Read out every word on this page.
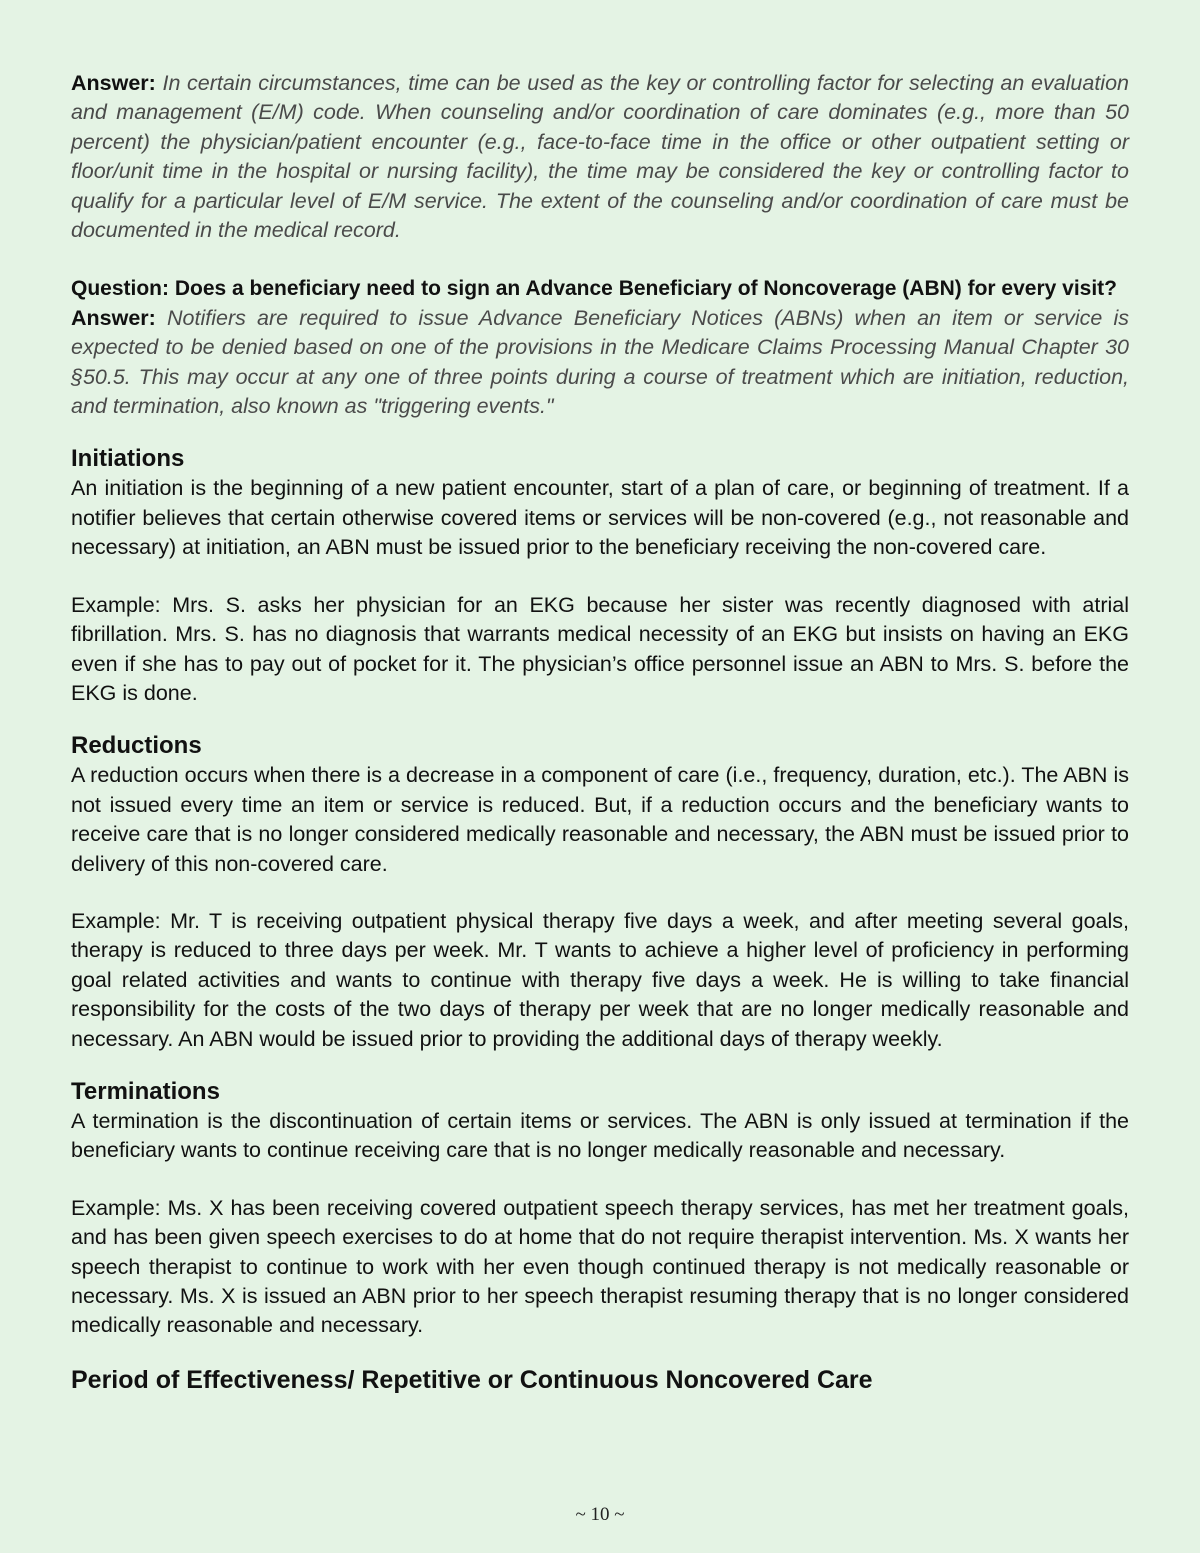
Answer: In certain circumstances, time can be used as the key or controlling factor for selecting an evaluation and management (E/M) code. When counseling and/or coordination of care dominates (e.g., more than 50 percent) the physician/patient encounter (e.g., face-to-face time in the office or other outpatient setting or floor/unit time in the hospital or nursing facility), the time may be considered the key or controlling factor to qualify for a particular level of E/M service. The extent of the counseling and/or coordination of care must be documented in the medical record.

Question: Does a beneficiary need to sign an Advance Beneficiary of Noncoverage (ABN) for every visit?

Answer: Notifiers are required to issue Advance Beneficiary Notices (ABNs) when an item or service is expected to be denied based on one of the provisions in the Medicare Claims Processing Manual Chapter 30 §50.5. This may occur at any one of three points during a course of treatment which are initiation, reduction, and termination, also known as "triggering events."

Initiations

An initiation is the beginning of a new patient encounter, start of a plan of care, or beginning of treatment. If a notifier believes that certain otherwise covered items or services will be non-covered (e.g., not reasonable and necessary) at initiation, an ABN must be issued prior to the beneficiary receiving the non-covered care.

Example: Mrs. S. asks her physician for an EKG because her sister was recently diagnosed with atrial fibrillation. Mrs. S. has no diagnosis that warrants medical necessity of an EKG but insists on having an EKG even if she has to pay out of pocket for it. The physician’s office personnel issue an ABN to Mrs. S. before the EKG is done.

Reductions

A reduction occurs when there is a decrease in a component of care (i.e., frequency, duration, etc.). The ABN is not issued every time an item or service is reduced. But, if a reduction occurs and the beneficiary wants to receive care that is no longer considered medically reasonable and necessary, the ABN must be issued prior to delivery of this non-covered care.

Example: Mr. T is receiving outpatient physical therapy five days a week, and after meeting several goals, therapy is reduced to three days per week. Mr. T wants to achieve a higher level of proficiency in performing goal related activities and wants to continue with therapy five days a week. He is willing to take financial responsibility for the costs of the two days of therapy per week that are no longer medically reasonable and necessary. An ABN would be issued prior to providing the additional days of therapy weekly.

Terminations

A termination is the discontinuation of certain items or services. The ABN is only issued at termination if the beneficiary wants to continue receiving care that is no longer medically reasonable and necessary.

Example: Ms. X has been receiving covered outpatient speech therapy services, has met her treatment goals, and has been given speech exercises to do at home that do not require therapist intervention. Ms. X wants her speech therapist to continue to work with her even though continued therapy is not medically reasonable or necessary. Ms. X is issued an ABN prior to her speech therapist resuming therapy that is no longer considered medically reasonable and necessary.

Period of Effectiveness/ Repetitive or Continuous Noncovered Care
~ 10 ~
